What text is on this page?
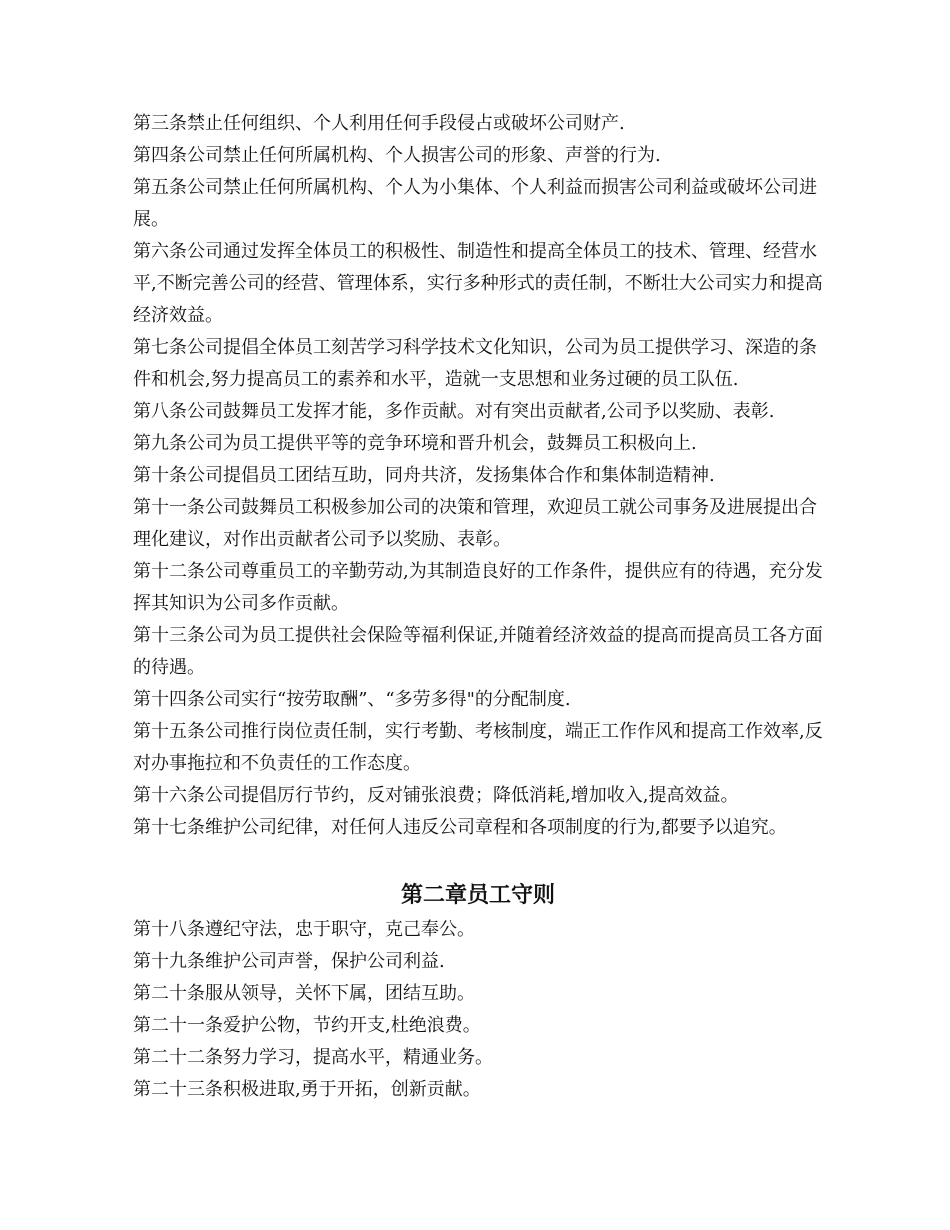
第三条禁止任何组织、个人利用任何手段侵占或破坏公司财产.

第四条公司禁止任何所属机构、个人损害公司的形象、声誉的行为.

第五条公司禁止任何所属机构、个人为小集体、个人利益而损害公司利益或破坏公司进展。

第六条公司通过发挥全体员工的积极性、制造性和提高全体员工的技术、管理、经营水平,不断完善公司的经营、管理体系，实行多种形式的责任制，不断壮大公司实力和提高经济效益。

第七条公司提倡全体员工刻苦学习科学技术文化知识，公司为员工提供学习、深造的条件和机会,努力提高员工的素养和水平，造就一支思想和业务过硬的员工队伍.

第八条公司鼓舞员工发挥才能，多作贡献。对有突出贡献者,公司予以奖励、表彰.

第九条公司为员工提供平等的竞争环境和晋升机会，鼓舞员工积极向上.

第十条公司提倡员工团结互助，同舟共济，发扬集体合作和集体制造精神.

第十一条公司鼓舞员工积极参加公司的决策和管理，欢迎员工就公司事务及进展提出合理化建议，对作出贡献者公司予以奖励、表彰。

第十二条公司尊重员工的辛勤劳动,为其制造良好的工作条件，提供应有的待遇，充分发挥其知识为公司多作贡献。

第十三条公司为员工提供社会保险等福利保证,并随着经济效益的提高而提高员工各方面的待遇。

第十四条公司实行“按劳取酬”、“多劳多得"的分配制度.

第十五条公司推行岗位责任制，实行考勤、考核制度，端正工作作风和提高工作效率,反对办事拖拉和不负责任的工作态度。

第十六条公司提倡厉行节约，反对铺张浪费；降低消耗,增加收入,提高效益。

第十七条维护公司纪律，对任何人违反公司章程和各项制度的行为,都要予以追究。

第二章员工守则

第十八条遵纪守法，忠于职守，克己奉公。

第十九条维护公司声誉，保护公司利益.

第二十条服从领导，关怀下属，团结互助。

第二十一条爱护公物，节约开支,杜绝浪费。

第二十二条努力学习，提高水平，精通业务。

第二十三条积极进取,勇于开拓，创新贡献。
